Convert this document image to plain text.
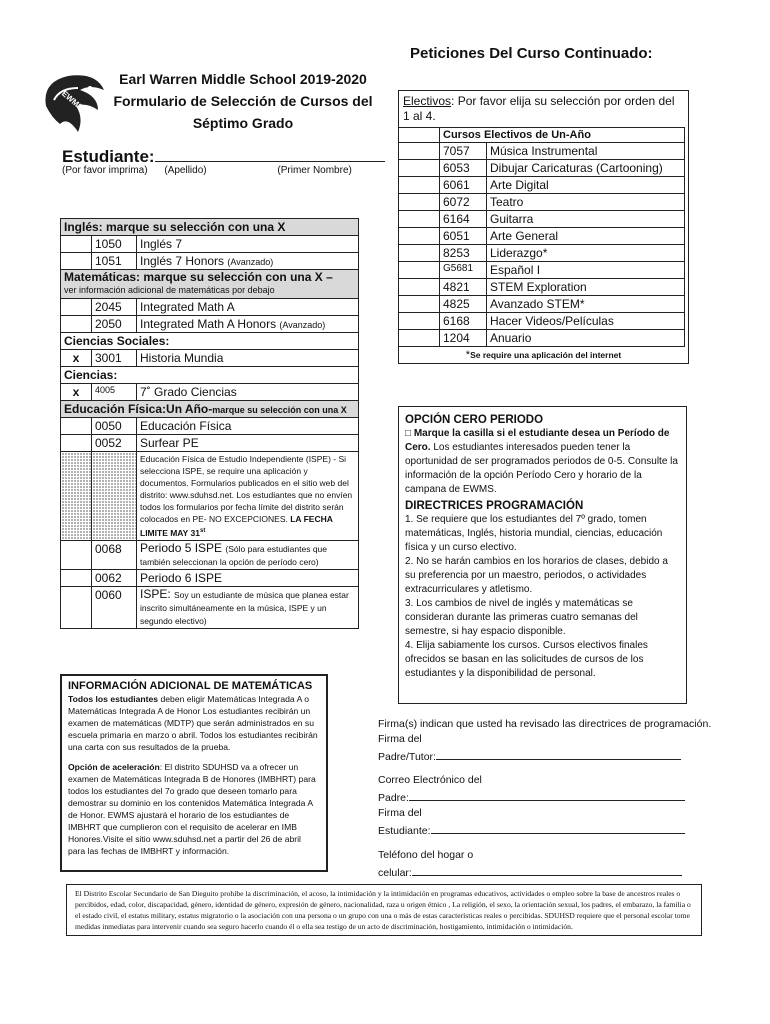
EWMS
Earl Warren Middle School 2019-2020
Formulario de Selección de Cursos del
Séptimo Grado
Peticiones Del Curso Continuado:
Estudiante:
(Por favor imprima) (Apellido)	(Primer Nombre)
Inglés: marque su selección con una X		
	1050	Inglés 7
	1051	Inglés 7 Honors (Avanzado)

Matemáticas: marque su selección con una X –
ver información adicional de matemáticas por debajo		

	2045	Integrated Math A
	2050	Integrated Math A Honors (Avanzado)
Ciencias Sociales:		
x	3001	Historia Mundia
Ciencias:		
x	4005	7˚ Grado Ciencias
Educación Física:Un Año-marque su selección con una X		
	0050	Educación Física
	0052	Surfear PE
		Educación Física de Estudio Independiente (ISPE) - Si selecciona ISPE, se require una aplicación y documentos. Formularios publicados en el sitio web del distrito: www.sduhsd.net. Los estudiantes que no envíen todos los formularios por fecha límite del distrito serán colocados en PE- NO EXCEPCIONES. LA FECHA LIMITE MAY 31st
	0068	Periodo 5 ISPE (Sólo para estudiantes que también seleccionan la opción de período cero)
	0062	Periodo 6 ISPE
	0060	ISPE: Soy un estudiante de música que planea estar inscrito simultáneamente en la música, ISPE y un segundo electivo)
INFORMACIÓN ADICIONAL DE MATEMÁTICAS
Todos los estudiantes deben eligir Matemáticas Integrada A o Matemáticas Integrada A de Honor Los estudiantes recibirán un examen de matemáticas (MDTP) que serán administrados en su escuela primaria en marzo o abril. Todos los estudiantes recibirán una carta con sus resultados de la prueba.
Opción de aceleración: El distrito SDUHSD va a ofrecer un examen de Matemáticas Integrada B de Honores (IMBHRT) para todos los estudiantes del 7o grado que deseen tomarlo para demostrar su dominio en los contenidos Matemática Integrada A de Honor. EWMS ajustará el horario de los estudiantes de IMBHRT que cumplieron con el requisito de acelerar en IMB Honores.Visite el sitio www.sduhsd.net a partir del 26 de abril para las fechas de IMBHRT y información.
Electivos: Por favor elija su selección por orden del 1 al 4.
	Cursos Electivos de Un-Año	
	7057	Música Instrumental
	6053	Dibujar Caricaturas (Cartooning)
	6061	Arte Digital
	6072	Teatro
	6164	Guitarra
	6051	Arte General
	8253	Liderazgo*
	G5681	Español I
	4821	STEM Exploration
	4825	Avanzado STEM*
	6168	Hacer Videos/Películas
	1204	Anuario
*Se require una aplicación del internet
OPCIÓN CERO PERIODO
□ Marque la casilla si el estudiante desea un Período de Cero. Los estudiantes interesados pueden tener la oportunidad de ser programados periodos de 0-5. Consulte la información de la opción Período Cero y horario de la campana de EWMS.
DIRECTRICES PROGRAMACIÓN
1. Se requiere que los estudiantes del 7º grado, tomen matemáticas, Inglés, historia mundial, ciencias, educación física y un curso electivo.
2. No se harán cambios en los horarios de clases, debido a su preferencia por un maestro, periodos, o actividades extracurriculares y atletismo.
3. Los cambios de nivel de inglés y matemáticas se consideran durante las primeras cuatro semanas del semestre, si hay espacio disponible.
4. Elija sabiamente los cursos. Cursos electivos finales ofrecidos se basan en las solicitudes de cursos de los estudiantes y la disponibilidad de personal.
Firma(s) indican que usted ha revisado las directrices de programación.
Firma del
Padre/Tutor:
Correo Electrónico del
Padre:
Firma del
Estudiante:
Teléfono del hogar o
celular:
El Distrito Escolar Secundario de San Dieguito prohíbe la discriminación, el acoso, la intimidación y la intimidación en programas educativos, actividades o empleo sobre la base de ancestros reales o percibidos, edad, color, discapacidad, género, identidad de género, expresión de género, nacionalidad, raza u origen étnico , La religión, el sexo, la orientación sexual, los padres, el embarazo, la familia o el estado civil, el estatus military, estatus migratorio o la asociación con una persona o un grupo con una o más de estas características reales o percibidas. SDUHSD requiere que el personal escolar tome medidas inmediatas para intervenir cuando sea seguro hacerlo cuando él o ella sea testigo de un acto de discriminación, hostigamiento, intimidación o intimidación.
